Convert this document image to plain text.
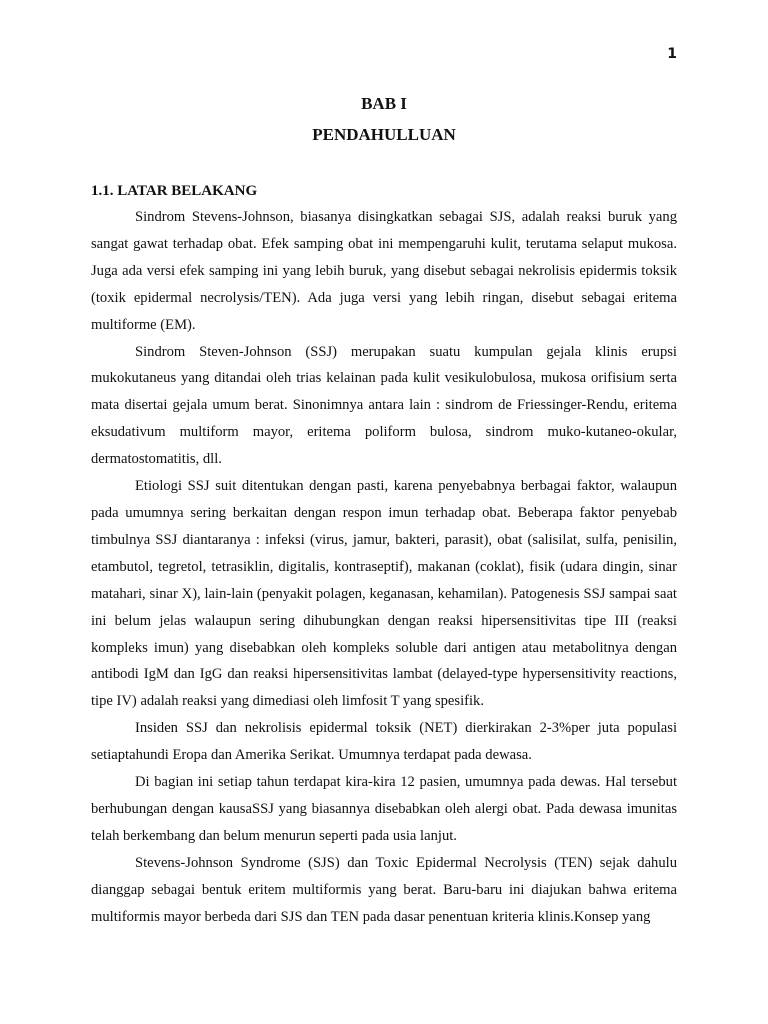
1
BAB I
PENDAHULLUAN
1.1. LATAR BELAKANG

Sindrom Stevens-Johnson, biasanya disingkatkan sebagai SJS, adalah reaksi buruk yang sangat gawat terhadap obat. Efek samping obat ini mempengaruhi kulit, terutama selaput mukosa. Juga ada versi efek samping ini yang lebih buruk, yang disebut sebagai nekrolisis epidermis toksik (toxik epidermal necrolysis/TEN). Ada juga versi yang lebih ringan, disebut sebagai eritema multiforme (EM).

Sindrom Steven-Johnson (SSJ) merupakan suatu kumpulan gejala klinis erupsi mukokutaneus yang ditandai oleh trias kelainan pada kulit vesikulobulosa, mukosa orifisium serta mata disertai gejala umum berat. Sinonimnya antara lain : sindrom de Friessinger-Rendu, eritema eksudativum multiform mayor, eritema poliform bulosa, sindrom muko-kutaneo-okular, dermatostomatitis, dll.

Etiologi SSJ suit ditentukan dengan pasti, karena penyebabnya berbagai faktor, walaupun pada umumnya sering berkaitan dengan respon imun terhadap obat. Beberapa faktor penyebab timbulnya SSJ diantaranya : infeksi (virus, jamur, bakteri, parasit), obat (salisilat, sulfa, penisilin, etambutol, tegretol, tetrasiklin, digitalis, kontraseptif), makanan (coklat), fisik (udara dingin, sinar matahari, sinar X), lain-lain (penyakit polagen, keganasan, kehamilan). Patogenesis SSJ sampai saat ini belum jelas walaupun sering dihubungkan dengan reaksi hipersensitivitas tipe III (reaksi kompleks imun) yang disebabkan oleh kompleks soluble dari antigen atau metabolitnya dengan antibodi IgM dan IgG dan reaksi hipersensitivitas lambat (delayed-type hypersensitivity reactions, tipe IV) adalah reaksi yang dimediasi oleh limfosit T yang spesifik.

Insiden SSJ dan nekrolisis epidermal toksik (NET) dierkirakan 2-3%per juta populasi setiaptahundi Eropa dan Amerika Serikat. Umumnya terdapat pada dewasa.

Di bagian ini setiap tahun terdapat kira-kira 12 pasien, umumnya pada dewas. Hal tersebut berhubungan dengan kausaSSJ yang biasannya disebabkan oleh alergi obat. Pada dewasa imunitas telah berkembang dan belum menurun seperti pada usia lanjut.

Stevens-Johnson Syndrome (SJS) dan Toxic Epidermal Necrolysis (TEN) sejak dahulu dianggap sebagai bentuk eritem multiformis yang berat. Baru-baru ini diajukan bahwa eritema multiformis mayor berbeda dari SJS dan TEN pada dasar penentuan kriteria klinis.Konsep yang
